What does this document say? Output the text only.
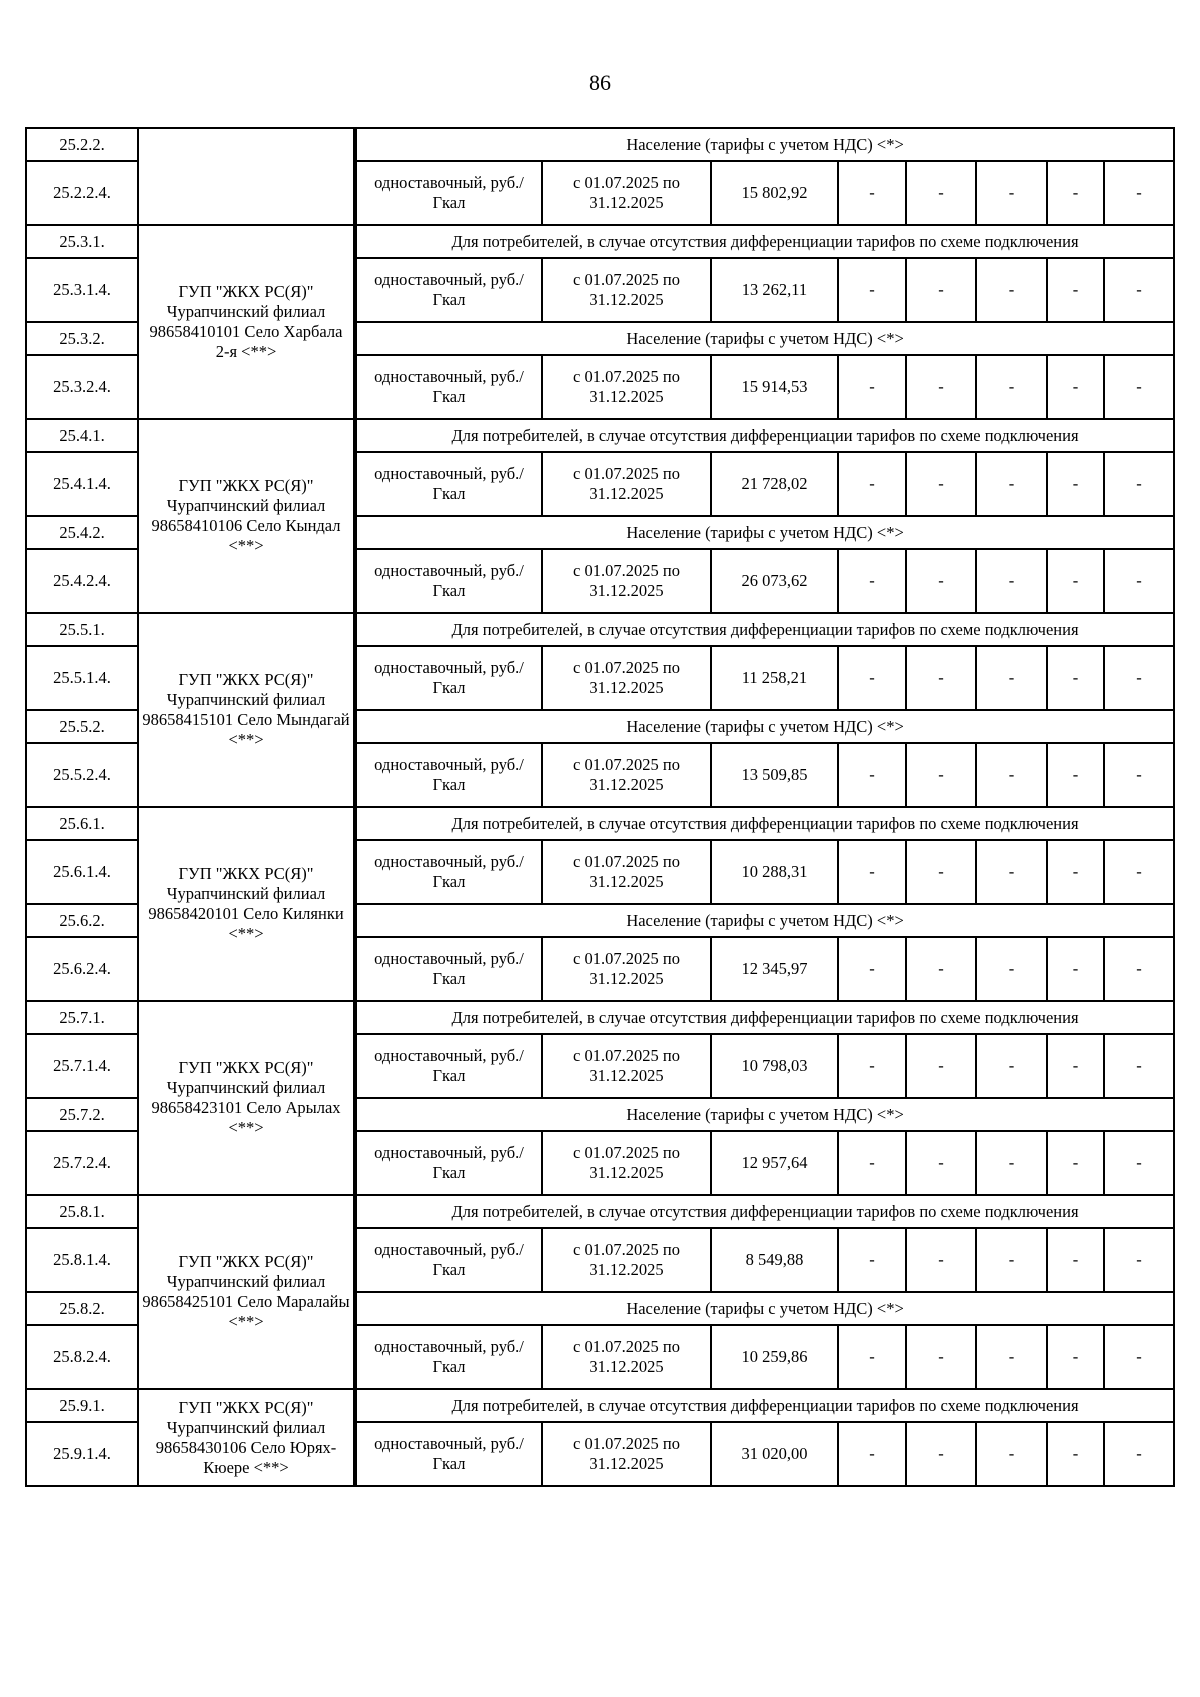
86
25.2.2.			Население (тарифы с учетом НДС) <*>							
25.2.2.4.			одноставочный, руб./Гкал	с 01.07.2025 по 31.12.2025	15 802,92	-	-	-	-	-
25.3.1.	ГУП "ЖКХ РС(Я)" Чурапчинский филиал 98658410101 Село Харбала 2-я <**>		Для потребителей, в случае отсутствия дифференциации тарифов по схеме подключения							
25.3.1.4.			одноставочный, руб./Гкал	с 01.07.2025 по 31.12.2025	13 262,11	-	-	-	-	-
25.3.2.			Население (тарифы с учетом НДС) <*>							
25.3.2.4.			одноставочный, руб./Гкал	с 01.07.2025 по 31.12.2025	15 914,53	-	-	-	-	-
25.4.1.	ГУП "ЖКХ РС(Я)" Чурапчинский филиал 98658410106 Село Кындал <**>		Для потребителей, в случае отсутствия дифференциации тарифов по схеме подключения							
25.4.1.4.			одноставочный, руб./Гкал	с 01.07.2025 по 31.12.2025	21 728,02	-	-	-	-	-
25.4.2.			Население (тарифы с учетом НДС) <*>							
25.4.2.4.			одноставочный, руб./Гкал	с 01.07.2025 по 31.12.2025	26 073,62	-	-	-	-	-
25.5.1.	ГУП "ЖКХ РС(Я)" Чурапчинский филиал 98658415101 Село Мындагай <**>		Для потребителей, в случае отсутствия дифференциации тарифов по схеме подключения							
25.5.1.4.			одноставочный, руб./Гкал	с 01.07.2025 по 31.12.2025	11 258,21	-	-	-	-	-
25.5.2.			Население (тарифы с учетом НДС) <*>							
25.5.2.4.			одноставочный, руб./Гкал	с 01.07.2025 по 31.12.2025	13 509,85	-	-	-	-	-
25.6.1.	ГУП "ЖКХ РС(Я)" Чурапчинский филиал 98658420101 Село Килянки <**>		Для потребителей, в случае отсутствия дифференциации тарифов по схеме подключения							
25.6.1.4.			одноставочный, руб./Гкал	с 01.07.2025 по 31.12.2025	10 288,31	-	-	-	-	-
25.6.2.			Население (тарифы с учетом НДС) <*>							
25.6.2.4.			одноставочный, руб./Гкал	с 01.07.2025 по 31.12.2025	12 345,97	-	-	-	-	-
25.7.1.	ГУП "ЖКХ РС(Я)" Чурапчинский филиал 98658423101 Село Арылах <**>		Для потребителей, в случае отсутствия дифференциации тарифов по схеме подключения							
25.7.1.4.			одноставочный, руб./Гкал	с 01.07.2025 по 31.12.2025	10 798,03	-	-	-	-	-
25.7.2.			Население (тарифы с учетом НДС) <*>							
25.7.2.4.			одноставочный, руб./Гкал	с 01.07.2025 по 31.12.2025	12 957,64	-	-	-	-	-
25.8.1.	ГУП "ЖКХ РС(Я)" Чурапчинский филиал 98658425101 Село Маралайы <**>		Для потребителей, в случае отсутствия дифференциации тарифов по схеме подключения							
25.8.1.4.			одноставочный, руб./Гкал	с 01.07.2025 по 31.12.2025	8 549,88	-	-	-	-	-
25.8.2.			Население (тарифы с учетом НДС) <*>							
25.8.2.4.			одноставочный, руб./Гкал	с 01.07.2025 по 31.12.2025	10 259,86	-	-	-	-	-
25.9.1.	ГУП "ЖКХ РС(Я)" Чурапчинский филиал 98658430106 Село Юрях-Кюере <**>		Для потребителей, в случае отсутствия дифференциации тарифов по схеме подключения							
25.9.1.4.			одноставочный, руб./Гкал	с 01.07.2025 по 31.12.2025	31 020,00	-	-	-	-	-
